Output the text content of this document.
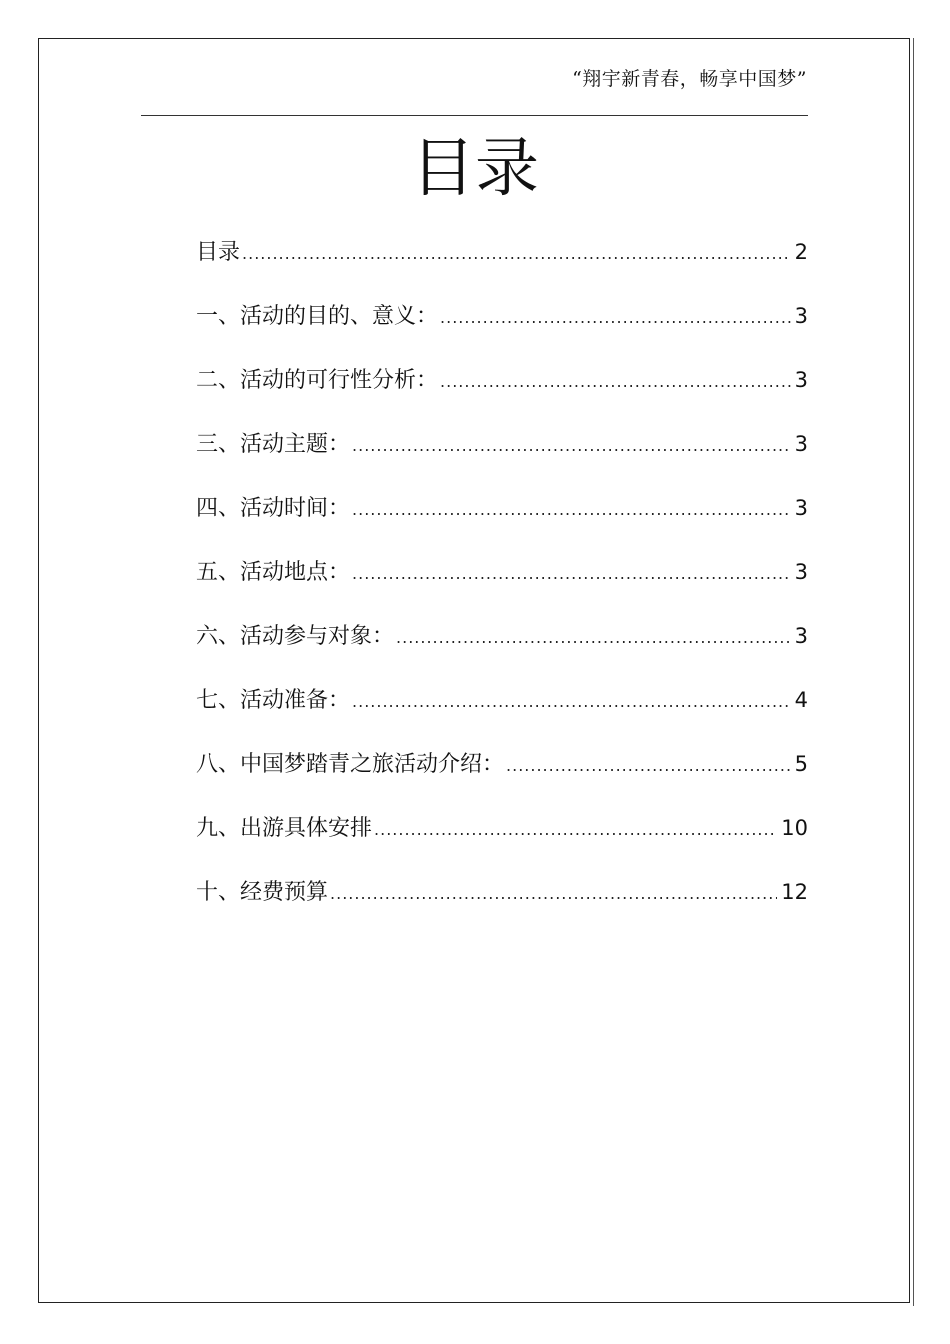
“翔宇新青春，畅享中国梦”
目录
目录 .....	2
一、活动的目的、意义： .....	3
二、活动的可行性分析： .....	3
三、活动主题： .....	3
四、活动时间： .....	3
五、活动地点： .....	3
六、活动参与对象： .....	3
七、活动准备： .....	4
八、中国梦踏青之旅活动介绍： .....	5
九、出游具体安排 .....	10
十、经费预算 .....	12
